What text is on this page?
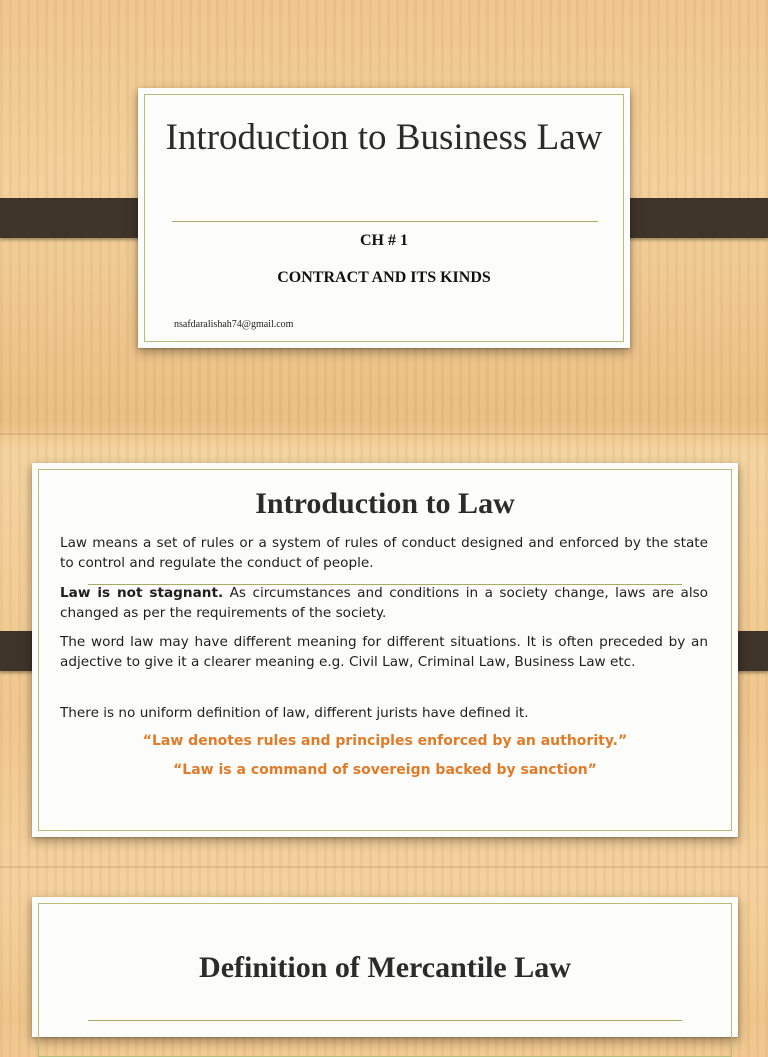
Introduction to Business Law
CH # 1
CONTRACT AND ITS KINDS
nsafdaralishah74@gmail.com
Introduction to Law
Law means a set of rules or a system of rules of conduct designed and enforced by the state to control and regulate the conduct of people.
Law is not stagnant. As circumstances and conditions in a society change, laws are also changed as per the requirements of the society.
The word law may have different meaning for different situations. It is often preceded by an adjective to give it a clearer meaning e.g. Civil Law, Criminal Law, Business Law etc.
There is no uniform definition of law, different jurists have defined it.
“Law denotes rules and principles enforced by an authority.”
“Law is a command of sovereign backed by sanction”
Definition of Mercantile Law
